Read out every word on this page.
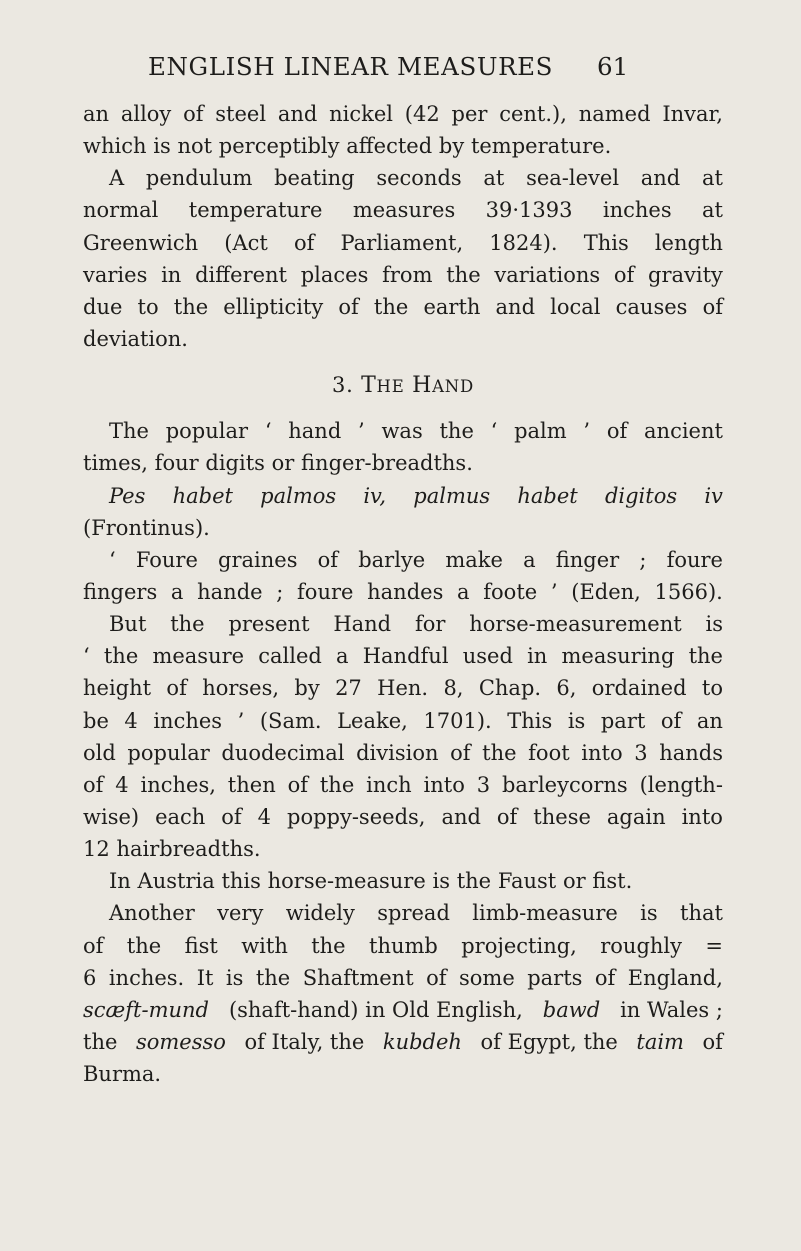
ENGLISH LINEAR MEASURES 61
an alloy of steel and nickel (42 per cent.), named Invar,
which is not perceptibly affected by temperature.
A pendulum beating seconds at sea-level and at
normal temperature measures 39·1393 inches at
Greenwich (Act of Parliament, 1824). This length
varies in different places from the variations of gravity
due to the ellipticity of the earth and local causes of
deviation.
3.
THE HAND
The popular ‘ hand ’ was the ‘ palm ’ of ancient
times, four digits or finger-breadths.
Pes habet palmos iv, palmus habet digitos iv
(Frontinus).
‘ Foure graines of barlye make a finger ; foure
fingers a hande ; foure handes a foote ’ (Eden, 1566).
But the present Hand for horse-measurement is
‘ the measure called a Handful used in measuring the
height of horses, by 27 Hen. 8, Chap. 6, ordained to
be 4 inches ’ (Sam. Leake, 1701). This is part of an
old popular duodecimal division of the foot into 3 hands
of 4 inches, then of the inch into 3 barleycorns (length-
wise) each of 4 poppy-seeds, and of these again into
12 hairbreadths.
In Austria this horse-measure is the Faust or fist.
Another very widely spread limb-measure is that
of the fist with the thumb projecting, roughly =
6 inches. It is the Shaftment of some parts of England,
scæft-mund (shaft-hand) in Old English, bawd in Wales ;
the somesso of Italy, the kubdeh of Egypt, the taim of
Burma.
